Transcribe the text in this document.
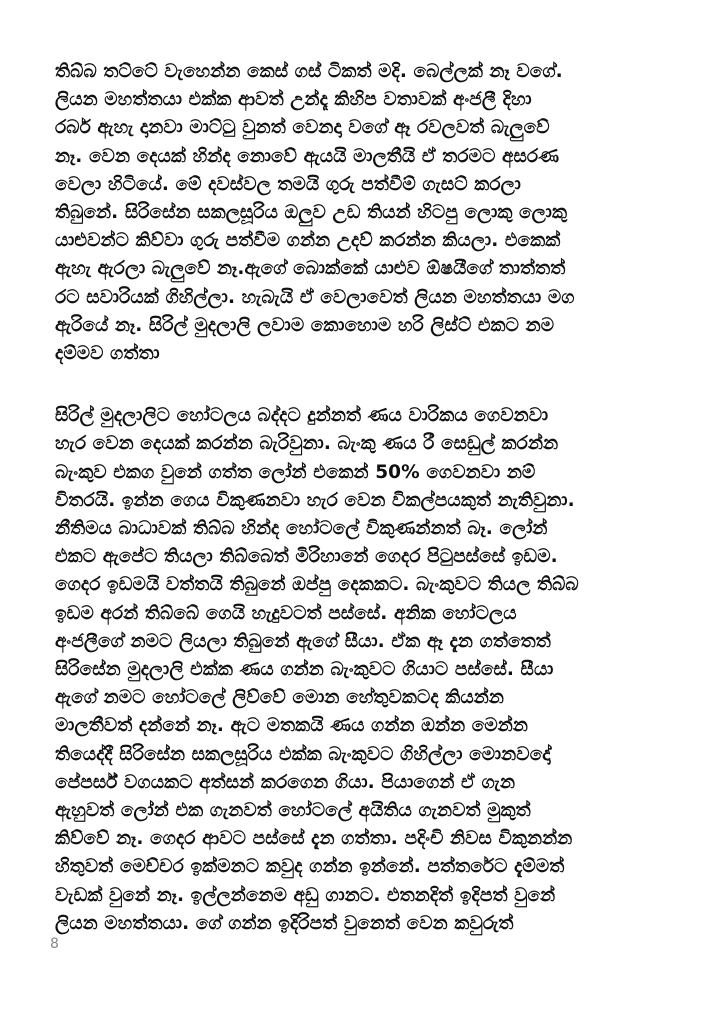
තිබ්බ තට්ටේ වැහෙන්න කෙස් ගස් ටිකත් මදි. බෙල්ලක් නෑ වගේ.
ලියන මහත්තයා එක්ක ආවත් උන්දෑ කිහිප වතාවක් අංජලී දිහා
රබර් ඇහැ දානවා මාට්ටු වුනත් වෙනදා වගේ ඈ රවලවත් බැලුවේ
නෑ. වෙන දෙයක් හින්ද නොවේ ඇයයි මාලතීයි ඒ තරමට අසරණ
වෙලා හිටියේ. මේ දවස්වල තමයි ගුරු පත්වීම් ගැසට් කරලා
තිබුනේ. සිරිසේන සකලසූරිය ඔලුව උඩ තියන් හිටපු ලොකු ලොකු
යාළුවන්ට කිව්වා ගුරු පත්වීම ගන්න උදව් කරන්න කියලා. එකෙක්
ඇහැ ඇරලා බැලුවේ නෑ.ඇගේ බොක්කේ යාළුව ඕෂයීගේ තාත්තත්
රට සවාරියක් ගිහිල්ලා. හැබැයි ඒ වෙලාවෙත් ලියන මහත්තයා මග
ඇරියේ නෑ. සිරිල් මුදලාලි ලවාම කොහොම හරි ලිස්ට් එකට නම
දම්මව ගත්තා

සිරිල් මුදලාලිට හෝටලය බද්දට දුන්නත් ණය වාරිකය ගෙවනවා
හැර වෙන දෙයක් කරන්න බැරිවුනා. බැංකු ණය රී සෙඩුල් කරන්න
බැංකුව එකග වුනේ ගත්ත ලෝන් එකෙන් 50% ගෙවනවා නම්
විතරයි. ඉන්න ගෙය විකුණනවා හැර වෙන විකල්පයකුත් නැතිවුනා.
නීතිමය බාධාවක් තිබ්බ හින්ද හෝටලේ විකුණන්නත් බෑ. ලෝන්
එකට ඇපේට තියලා තිබ්බෙත් මිරිහානේ ගෙදර පිටුපස්සේ ඉඩම.
ගෙදර ඉඩමයි වත්තයි තිබුනේ ඔප්පු දෙකකට. බැංකුවට තියල තිබ්බ
ඉඩම අරන් තිබ්බේ ගෙයි හැදුවටත් පස්සේ. අනික හෝටලය
අංජලීගේ නමට ලියලා තිබුනේ ඇගේ සීයා. ඒක ඈ දැන ගත්තෙත්
සිරිසේන මුදලාලි එක්ක ණය ගන්න බැංකුවට ගියාට පස්සේ. සීයා
ඇගේ නමට හෝටලේ ලිව්වේ මොන හේතුවකටද කියන්න
මාලතීවත් දන්නේ නෑ. ඇට මතකයි ණය ගන්න ඔන්න මෙන්න
තියෙද්දී සිරිසේන සකලසූරිය එක්ක බැංකුවට ගිහිල්ලා මොනවදෝ
පේපර්ස් වගයකට අත්සන් කරගෙන ගියා. පියාගෙන් ඒ ගැන
ඇහුවත් ලෝන් එක ගැනවත් හෝටලේ අයිතිය ගැනවත් මුකුත්
කිව්වේ නෑ. ගෙදර ආවට පස්සේ දැන ගත්තා. පදිංචි නිවස විකුනන්න
හිතුවත් මෙච්චර ඉක්මනට කවුද ගන්න ඉන්නේ. පත්තරේට දැම්මත්
වැඩක් වුනේ නෑ. ඉල්ලන්නෙම අඩු ගානට. එතනදිත් ඉදිපත් වුනේ
ලියන මහත්තයා. ගේ ගන්න ඉදිරිපත් වුනෙත් වෙන කවුරුත්

8
